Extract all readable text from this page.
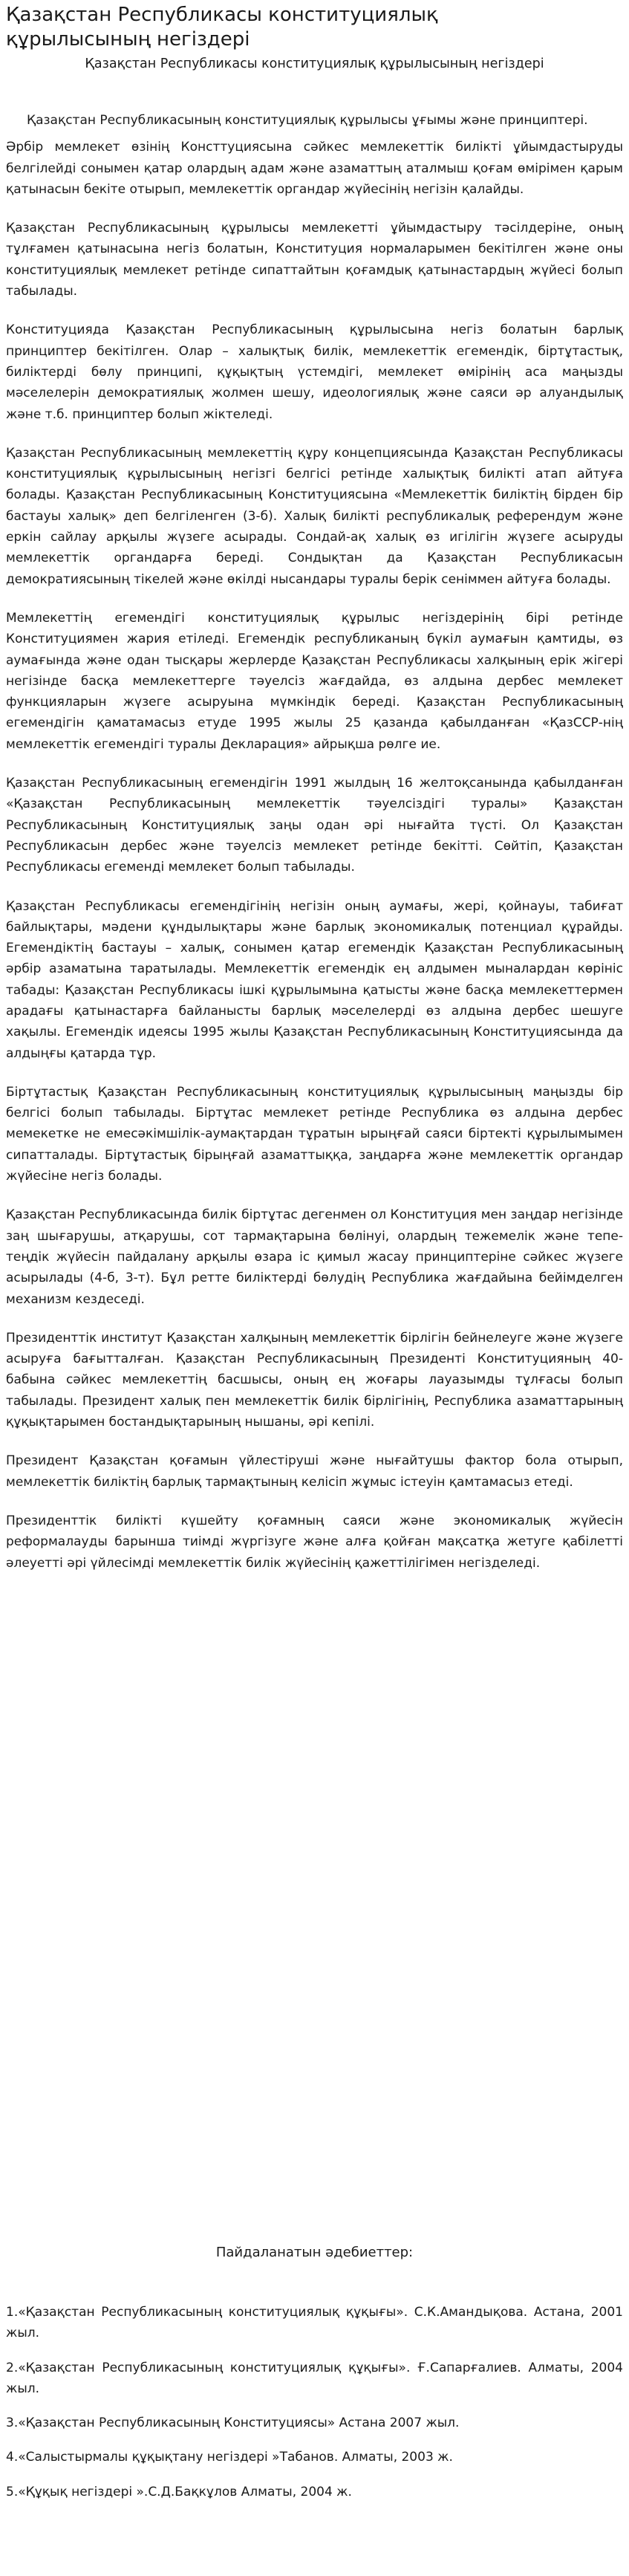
Қазақстан Республикасы конституциялық құрылысының негіздері
Қазақстан Республикасы конституциялық құрылысының негіздері

Қазақстан Республикасының конституциялық құрылысы ұғымы және принциптері.

Әрбір мемлекет өзінің Консттуциясына сәйкес мемлекеттік билікті ұйымдастыруды белгілейді сонымен қатар олардың адам және азаматтың аталмыш қоғам өмірімен қарым қатынасын бекіте отырып, мемлекеттік органдар жүйесінің негізін қалайды.

Қазақстан Республикасының құрылысы мемлекетті ұйымдастыру тәсілдеріне, оның тұлғамен қатынасына негіз болатын, Конституция нормаларымен бекітілген және оны конституциялық мемлекет ретінде сипаттайтын қоғамдық қатынастардың жүйесі болып табылады.

Конституцияда Қазақстан Республикасының құрылысына негіз болатын барлық принциптер бекітілген. Олар – халықтық билік, мемлекеттік егемендік, біртұтастық, биліктерді бөлу принципі, құқықтың үстемдігі, мемлекет өмірінің аса маңызды мәселелерін демократиялық жолмен шешу, идеологиялық және саяси әр алуандылық және т.б. принциптер болып жіктеледі.

Қазақстан Республикасының мемлекеттің құру концепциясында Қазақстан Республикасы конституциялық құрылысының негізгі белгісі ретінде халықтық билікті атап айтуға болады. Қазақстан Республикасының Конституциясына «Мемлекеттік биліктің бірден бір бастауы халық» деп белгіленген (3-б). Халық билікті республикалық референдум және еркін сайлау арқылы жүзеге асырады. Сондай-ақ халық өз игілігін жүзеге асыруды мемлекеттік органдарға береді. Сондықтан да Қазақстан Республикасын демократиясының тікелей және өкілді нысандары туралы берік сеніммен айтуға болады.

Мемлекеттің егемендігі конституциялық құрылыс негіздерінің бірі ретінде Конституциямен жария етіледі. Егемендік республиканың бүкіл аумағын қамтиды, өз аумағында және одан тысқары жерлерде Қазақстан Республикасы халқының ерік жігері негізінде басқа мемлекеттерге тәуелсіз жағдайда, өз алдына дербес мемлекет функцияларын жүзеге асыруына мүмкіндік береді. Қазақстан Республикасының егемендігін қаматамасыз етуде 1995 жылы 25 қазанда қабылданған «ҚазССР-нің мемлекеттік егемендігі туралы Декларация» айрықша рөлге ие.

Қазақстан Республикасының егемендігін 1991 жылдың 16 желтоқсанында қабылданған «Қазақстан Республикасының мемлекеттік тәуелсіздігі туралы» Қазақстан Республикасының Конституциялық заңы одан әрі нығайта түсті. Ол Қазақстан Республикасын дербес және тәуелсіз мемлекет ретінде бекітті. Сөйтіп, Қазақстан Республикасы егеменді мемлекет болып табылады.

Қазақстан Республикасы егемендігінің негізін оның аумағы, жері, қойнауы, табиғат байлықтары, мәдени құндылықтары және барлық экономикалық потенциал құрайды. Егемендіктің бастауы – халық, сонымен қатар егемендік Қазақстан Республикасының әрбір азаматына таратылады. Мемлекеттік егемендік ең алдымен мыналардан көрініс табады: Қазақстан Республикасы ішкі құрылымына қатысты және басқа мемлекеттермен арадағы қатынастарға байланысты барлық мәселелерді өз алдына дербес шешуге хақылы. Егемендік идеясы 1995 жылы Қазақстан Республикасының Конституциясында да алдыңғы қатарда тұр.

Біртұтастық Қазақстан Республикасының конституциялық құрылысының маңызды бір белгісі болып табылады. Біртұтас мемлекет ретінде Республика өз алдына дербес мемекетке не емесәкімшілік-аумақтардан тұратын ырыңғай саяси біртекті құрылымымен сипатталады. Біртұтастық бірыңғай азаматтыққа, заңдарға және мемлекеттік органдар жүйесіне негіз болады.

Қазақстан Республикасында билік біртұтас дегенмен ол Конституция мен заңдар негізінде заң шығарушы, атқарушы, сот тармақтарына бөлінуі, олардың тежемелік және тепе-теңдік жүйесін пайдалану арқылы өзара іс қимыл жасау принциптеріне сәйкес жүзеге асырылады (4-б, 3-т). Бұл ретте биліктерді бөлудің Республика жағдайына бейімделген механизм кездеседі.

Президенттік институт Қазақстан халқының мемлекеттік бірлігін бейнелеуге және жүзеге асыруға бағытталған. Қазақстан Республикасының Президенті Конституцияның 40-бабына сәйкес мемлекеттің басшысы, оның ең жоғары лауазымды тұлғасы болып табылады. Президент халық пен мемлекеттік билік бірлігінің, Республика азаматтарының құқықтарымен бостандықтарының нышаны, әрі кепілі.

Президент Қазақстан қоғамын үйлестіруші және нығайтушы фактор бола отырып, мемлекеттік биліктің барлық тармақтының келісіп жұмыс істеуін қамтамасыз етеді.

Президенттік билікті күшейту қоғамның саяси және экономикалық жүйесін реформалауды барынша тиімді жүргізуге және алға қойған мақсатқа жетуге қабілетті әлеуетті әрі үйлесімді мемлекеттік билік жүйесінің қажеттілігімен негізделеді.

Пайдаланатын әдебиеттер:

1.«Қазақстан Республикасының конституциялық құқығы». С.К.Амандықова. Астана, 2001 жыл.

2.«Қазақстан Республикасының конституциялық құқығы». Ғ.Сапарғалиев. Алматы, 2004 жыл.

3.«Қазақстан Республикасының Конституциясы» Астана 2007 жыл.

4.«Салыстырмалы құқықтану негіздері »Табанов. Алматы, 2003 ж.

5.«Құқық негіздері ».С.Д.Бақкұлов Алматы, 2004 ж.
